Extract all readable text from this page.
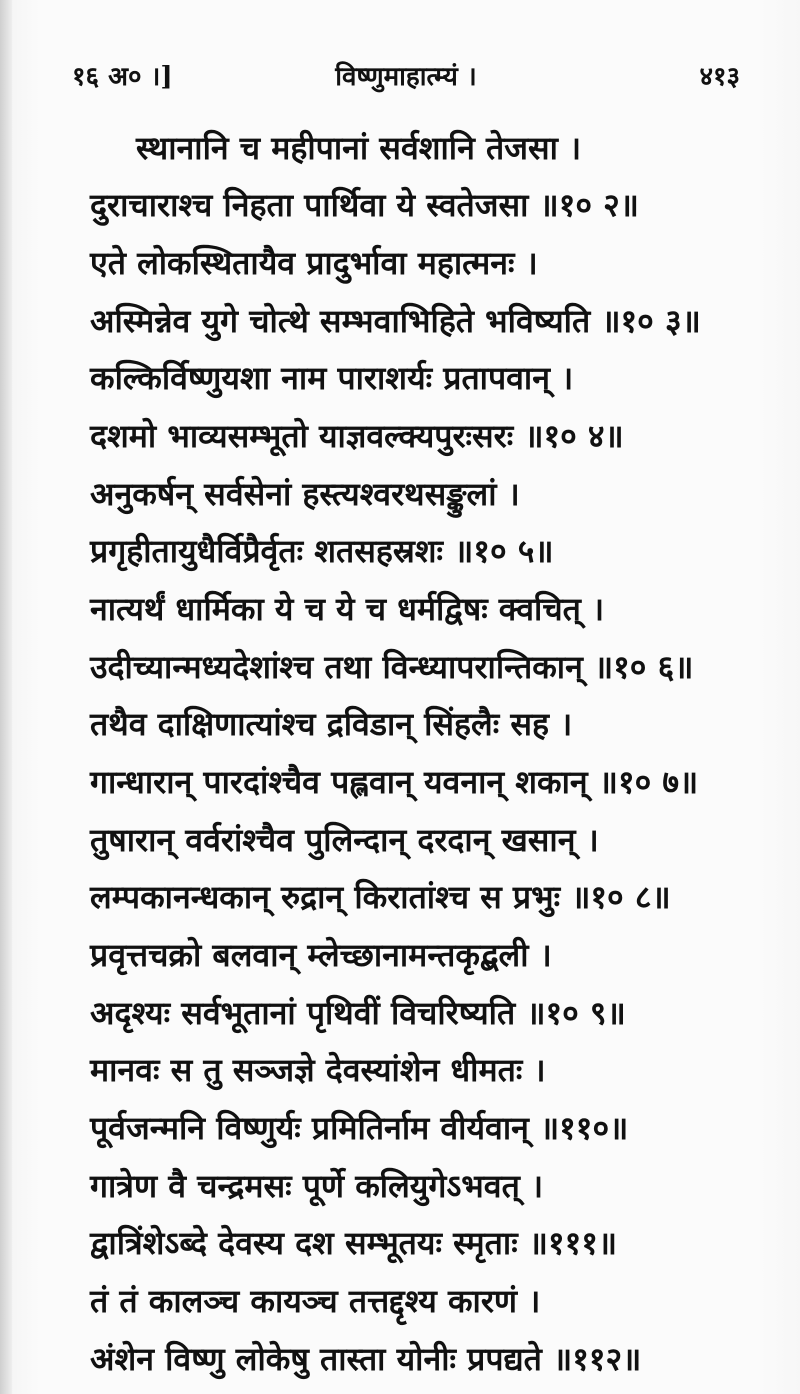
१६ अ० ।]	विष्णुमाहात्म्यं ।	४१३
स्थानानि च महीपानां सर्वशानि तेजसा ।
दुराचाराश्च निहता पार्थिवा ये स्वतेजसा ॥१० २॥
एते लोकस्थितायैव प्रादुर्भावा महात्मनः ।
अस्मिन्नेव युगे चोत्थे सम्भवाभिहिते भविष्यति ॥१० ३॥
कल्किर्विष्णुयशा नाम पाराशर्यः प्रतापवान् ।
दशमो भाव्यसम्भूतो याज्ञवल्क्यपुरःसरः ॥१० ४॥
अनुकर्षन् सर्वसेनां हस्त्यश्वरथसङ्कुलां ।
प्रगृहीतायुधैर्विप्रैर्वृतः शतसहस्रशः ॥१० ५॥
नात्यर्थं धार्मिका ये च ये च धर्मद्विषः क्वचित् ।
उदीच्यान्मध्यदेशांश्च तथा विन्ध्यापरान्तिकान् ॥१० ६॥
तथैव दाक्षिणात्यांश्च द्रविडान् सिंहलैः सह ।
गान्धारान् पारदांश्चैव पह्लवान् यवनान् शकान् ॥१० ७॥
तुषारान् वर्वरांश्चैव पुलिन्दान् दरदान् खसान् ।
लम्पकानन्धकान् रुद्रान् किरातांश्च स प्रभुः ॥१० ८॥
प्रवृत्तचक्रो बलवान् म्लेच्छानामन्तकृद्बली ।
अदृश्यः सर्वभूतानां पृथिवीं विचरिष्यति ॥१० ९॥
मानवः स तु सञ्जज्ञे देवस्यांशेन धीमतः ।
पूर्वजन्मनि विष्णुर्यः प्रमितिर्नाम वीर्यवान् ॥११०॥
गात्रेण वै चन्द्रमसः पूर्णे कलियुगेऽभवत् ।
द्वात्रिंशेऽब्दे देवस्य दश सम्भूतयः स्मृताः ॥१११॥
तं तं कालञ्च कायञ्च तत्तद्दृश्य कारणं ।
अंशेन विष्णु लोकेषु तास्ता योनीः प्रपद्यते ॥११२॥
